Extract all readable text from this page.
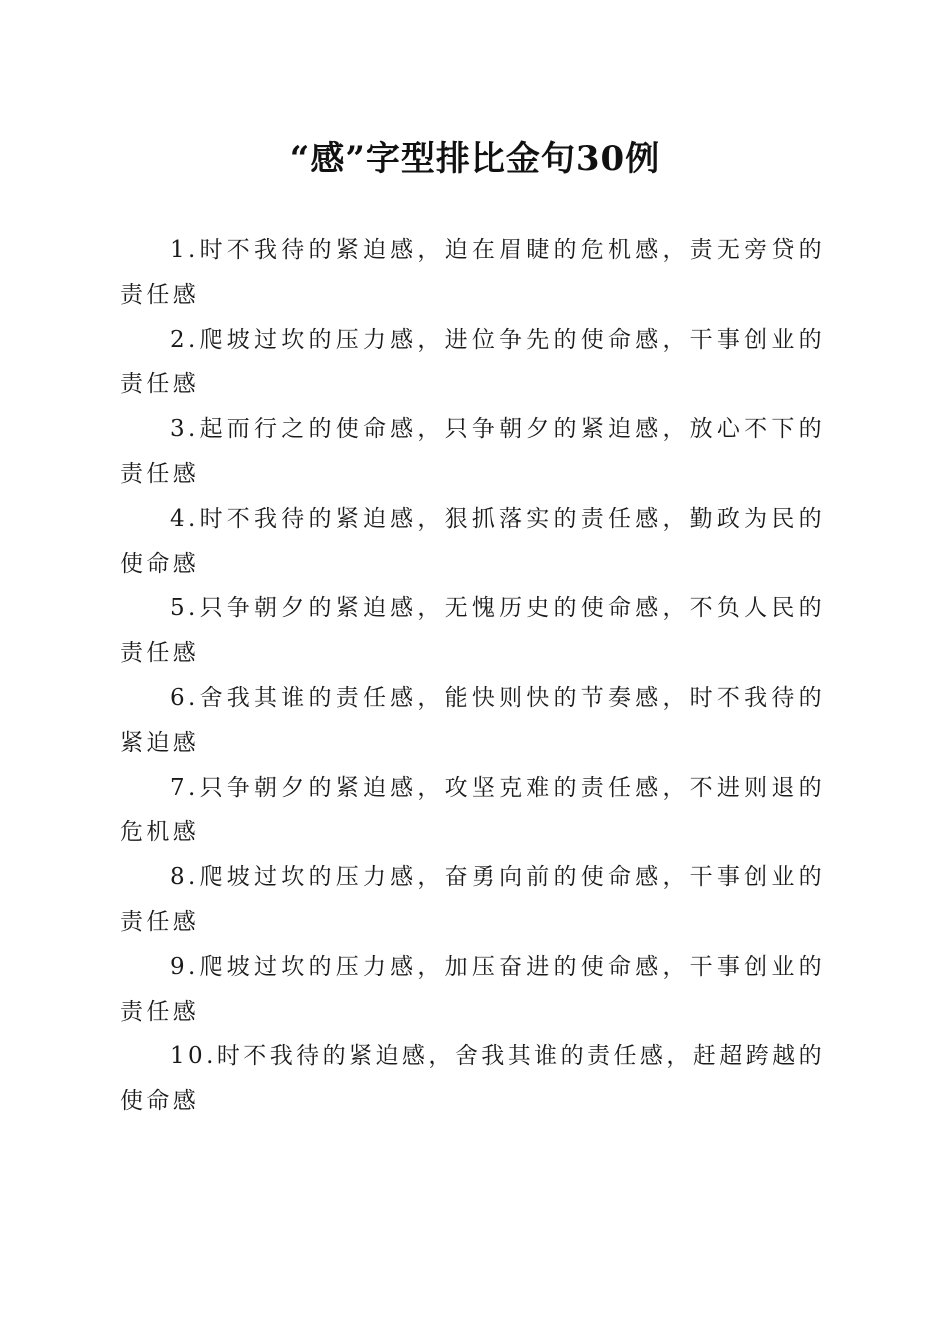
“感”字型排比金句30例

1.时不我待的紧迫感，迫在眉睫的危机感，责无旁贷的责任感

2.爬坡过坎的压力感，进位争先的使命感，干事创业的责任感

3.起而行之的使命感，只争朝夕的紧迫感，放心不下的责任感

4.时不我待的紧迫感，狠抓落实的责任感，勤政为民的使命感

5.只争朝夕的紧迫感，无愧历史的使命感，不负人民的责任感

6.舍我其谁的责任感，能快则快的节奏感，时不我待的紧迫感

7.只争朝夕的紧迫感，攻坚克难的责任感，不进则退的危机感

8.爬坡过坎的压力感，奋勇向前的使命感，干事创业的责任感

9.爬坡过坎的压力感，加压奋进的使命感，干事创业的责任感

10.时不我待的紧迫感，舍我其谁的责任感，赶超跨越的使命感
